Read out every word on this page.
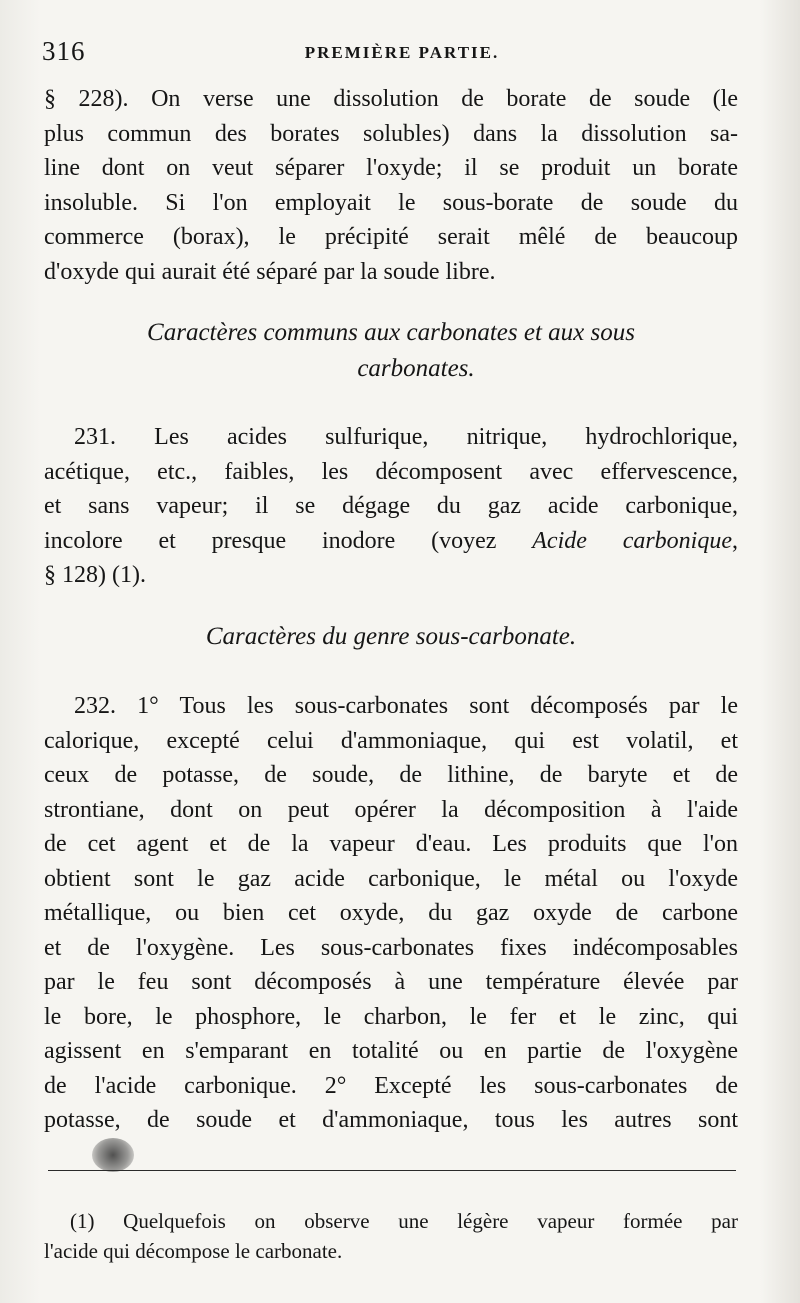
316	PREMIÈRE PARTIE.
§ 228). On verse une dissolution de borate de soude (le
plus commun des borates solubles) dans la dissolution sa-
line dont on veut séparer l'oxyde; il se produit un borate
insoluble. Si l'on employait le sous-borate de soude du
commerce (borax), le précipité serait mêlé de beaucoup
d'oxyde qui aurait été séparé par la soude libre.
Caractères communs aux carbonates et aux sous
carbonates.
231. Les acides sulfurique, nitrique, hydrochlorique,
acétique, etc., faibles, les décomposent avec effervescence,
et sans vapeur; il se dégage du gaz acide carbonique,
incolore et presque inodore (voyez Acide carbonique,
§ 128) (1).
Caractères du genre sous-carbonate.
232. 1° Tous les sous-carbonates sont décomposés par le
calorique, excepté celui d'ammoniaque, qui est volatil, et
ceux de potasse, de soude, de lithine, de baryte et de
strontiane, dont on peut opérer la décomposition à l'aide
de cet agent et de la vapeur d'eau. Les produits que l'on
obtient sont le gaz acide carbonique, le métal ou l'oxyde
métallique, ou bien cet oxyde, du gaz oxyde de carbone
et de l'oxygène. Les sous-carbonates fixes indécomposables
par le feu sont décomposés à une température élevée par
le bore, le phosphore, le charbon, le fer et le zinc, qui
agissent en s'emparant en totalité ou en partie de l'oxygène
de l'acide carbonique. 2° Excepté les sous-carbonates de
potasse, de soude et d'ammoniaque, tous les autres sont
(1) Quelquefois on observe une légère vapeur formée par
l'acide qui décompose le carbonate.
